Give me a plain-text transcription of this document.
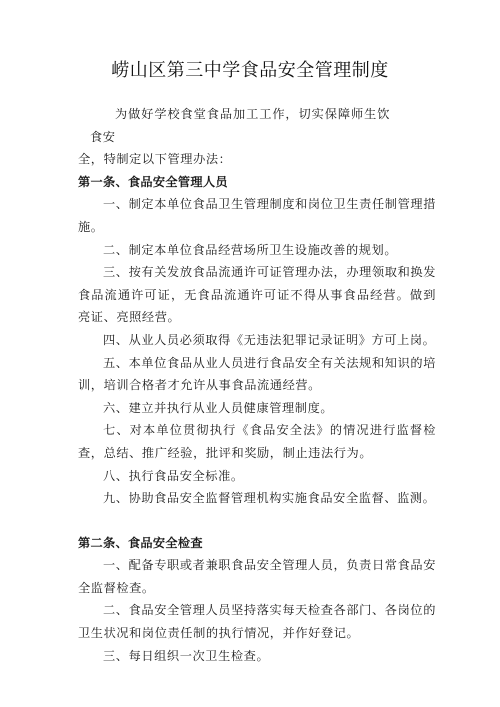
崂山区第三中学食品安全管理制度

为做好学校食堂食品加工工作，切实保障师生饮食安

全，特制定以下管理办法：

第一条、食品安全管理人员

一、制定本单位食品卫生管理制度和岗位卫生责任制管理措施。

二、制定本单位食品经营场所卫生设施改善的规划。

三、按有关发放食品流通许可证管理办法，办理领取和换发食品流通许可证，无食品流通许可证不得从事食品经营。做到亮证、亮照经营。

四、从业人员必须取得《无违法犯罪记录证明》方可上岗。

五、本单位食品从业人员进行食品安全有关法规和知识的培训，培训合格者才允许从事食品流通经营。

六、建立并执行从业人员健康管理制度。

七、对本单位贯彻执行《食品安全法》的情况进行监督检查，总结、推广经验，批评和奖励，制止违法行为。

八、执行食品安全标准。

九、协助食品安全监督管理机构实施食品安全监督、监测。

第二条、食品安全检查

一、配备专职或者兼职食品安全管理人员，负责日常食品安全监督检查。

二、食品安全管理人员坚持落实每天检查各部门、各岗位的卫生状况和岗位责任制的执行情况，并作好登记。

三、每日组织一次卫生检查。
